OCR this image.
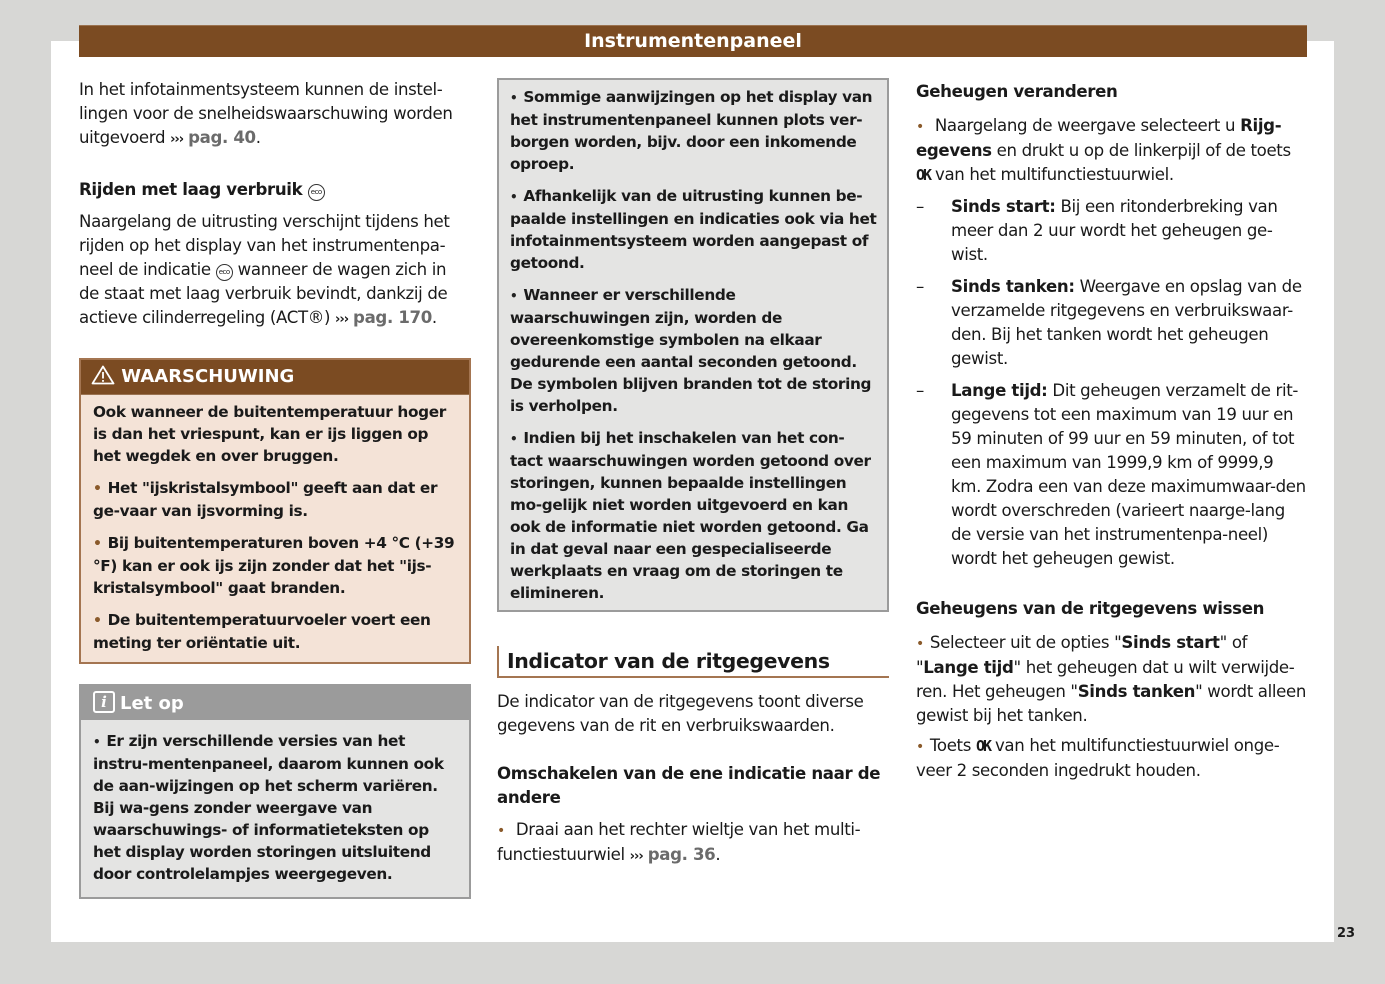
Instrumentenpaneel

In het infotainmentsysteem kunnen de instel-lingen voor de snelheidswaarschuwing worden uitgevoerd ››› pag. 40.

Rijden met laag verbruik eco

Naargelang de uitrusting verschijnt tijdens het rijden op het display van het instrumentenpa-neel de indicatie eco wanneer de wagen zich in de staat met laag verbruik bevindt, dankzij de actieve cilinderregeling (ACT®) ››› pag. 170.

WAARSCHUWING

Ook wanneer de buitentemperatuur hoger is dan het vriespunt, kan er ijs liggen op het wegdek en over bruggen.

• Het "ijskristalsymbool" geeft aan dat er ge-vaar van ijsvorming is.

• Bij buitentemperaturen boven +4 °C (+39 °F) kan er ook ijs zijn zonder dat het "ijs-kristalsymbool" gaat branden.

• De buitentemperatuurvoeler voert een meting ter oriëntatie uit.

i Let op

• Er zijn verschillende versies van het instru-mentenpaneel, daarom kunnen ook de aan-wijzingen op het scherm variëren. Bij wa-gens zonder weergave van waarschuwings- of informatieteksten op het display worden storingen uitsluitend door controlelampjes weergegeven.

• Sommige aanwijzingen op het display van het instrumentenpaneel kunnen plots ver-borgen worden, bijv. door een inkomende oproep.

• Afhankelijk van de uitrusting kunnen be-paalde instellingen en indicaties ook via het infotainmentsysteem worden aangepast of getoond.

• Wanneer er verschillende waarschuwingen zijn, worden de overeenkomstige symbolen na elkaar gedurende een aantal seconden getoond. De symbolen blijven branden tot de storing is verholpen.

• Indien bij het inschakelen van het con-tact waarschuwingen worden getoond over storingen, kunnen bepaalde instellingen mo-gelijk niet worden uitgevoerd en kan ook de informatie niet worden getoond. Ga in dat geval naar een gespecialiseerde werkplaats en vraag om de storingen te elimineren.

Indicator van de ritgegevens

De indicator van de ritgegevens toont diverse gegevens van de rit en verbruikswaarden.

Omschakelen van de ene indicatie naar de andere

• Draai aan het rechter wieltje van het multi-functiestuurwiel ››› pag. 36.

Geheugen veranderen

• Naargelang de weergave selecteert u Rijg-egevens en drukt u op de linkerpijl of de toets OK van het multifunctiestuurwiel.

–	Sinds start: Bij een ritonderbreking van meer dan 2 uur wordt het geheugen ge-wist.
–	Sinds tanken: Weergave en opslag van de verzamelde ritgegevens en verbruikswaar-den. Bij het tanken wordt het geheugen gewist.
–	Lange tijd: Dit geheugen verzamelt de rit-gegevens tot een maximum van 19 uur en 59 minuten of 99 uur en 59 minuten, of tot een maximum van 1999,9 km of 9999,9 km. Zodra een van deze maximumwaar-den wordt overschreden (varieert naarge-lang de versie van het instrumentenpa-neel) wordt het geheugen gewist.
Geheugens van de ritgegevens wissen

• Selecteer uit de opties "Sinds start" of "Lange tijd" het geheugen dat u wilt verwijde-ren. Het geheugen "Sinds tanken" wordt alleen gewist bij het tanken.

• Toets OK van het multifunctiestuurwiel onge-veer 2 seconden ingedrukt houden.

23
